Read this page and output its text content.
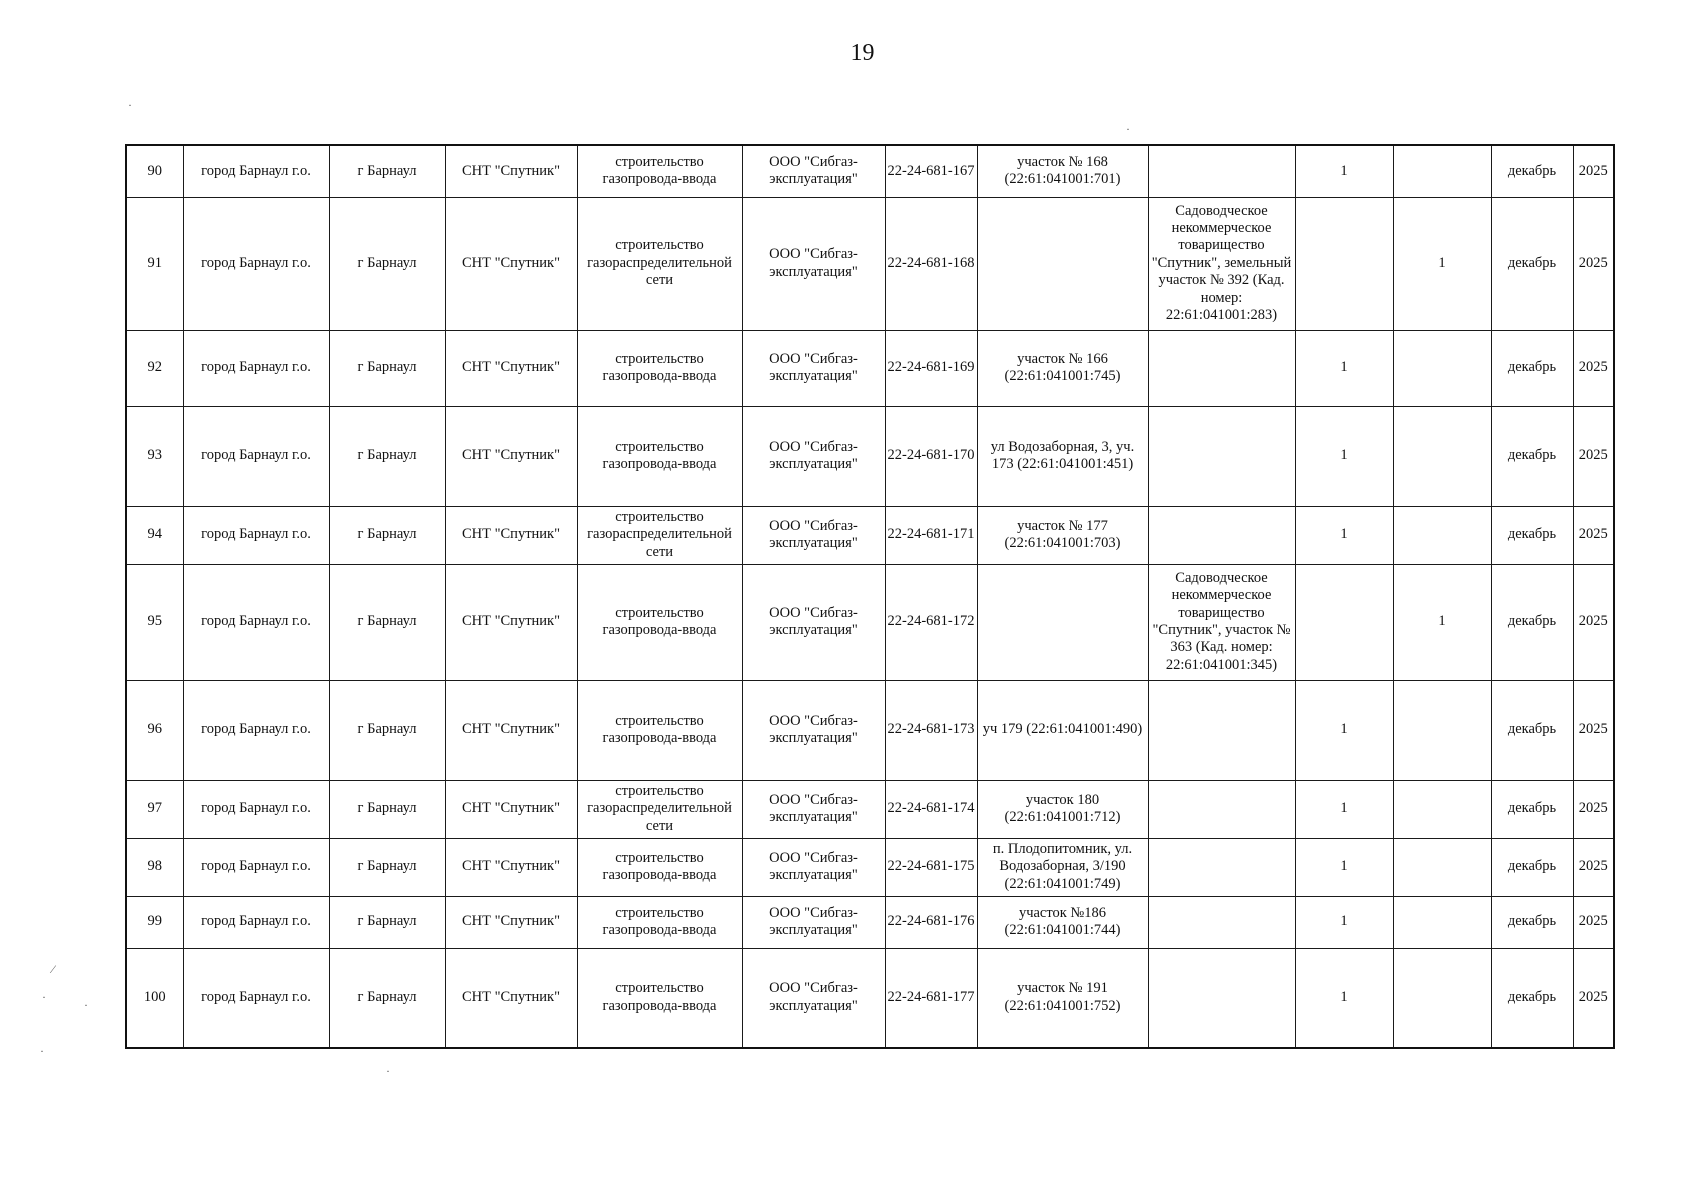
19
90	город Барнаул г.о.	г Барнаул	СНТ "Спутник"	строительство газопровода-ввода	ООО "Сибгаз-эксплуатация"	22-24-681-167	участок № 168 (22:61:041001:701)		1		декабрь	2025
91	город Барнаул г.о.	г Барнаул	СНТ "Спутник"	строительство газораспределительной сети	ООО "Сибгаз-эксплуатация"	22-24-681-168		Садоводческое некоммерческое товарищество "Спутник", земельный участок № 392 (Кад. номер: 22:61:041001:283)		1	декабрь	2025
92	город Барнаул г.о.	г Барнаул	СНТ "Спутник"	строительство газопровода-ввода	ООО "Сибгаз-эксплуатация"	22-24-681-169	участок № 166 (22:61:041001:745)		1		декабрь	2025
93	город Барнаул г.о.	г Барнаул	СНТ "Спутник"	строительство газопровода-ввода	ООО "Сибгаз-эксплуатация"	22-24-681-170	ул Водозаборная, 3, уч. 173 (22:61:041001:451)		1		декабрь	2025
94	город Барнаул г.о.	г Барнаул	СНТ "Спутник"	строительство газораспределительной сети	ООО "Сибгаз-эксплуатация"	22-24-681-171	участок № 177 (22:61:041001:703)		1		декабрь	2025
95	город Барнаул г.о.	г Барнаул	СНТ "Спутник"	строительство газопровода-ввода	ООО "Сибгаз-эксплуатация"	22-24-681-172		Садоводческое некоммерческое товарищество "Спутник", участок № 363 (Кад. номер: 22:61:041001:345)		1	декабрь	2025
96	город Барнаул г.о.	г Барнаул	СНТ "Спутник"	строительство газопровода-ввода	ООО "Сибгаз-эксплуатация"	22-24-681-173	уч 179 (22:61:041001:490)		1		декабрь	2025
97	город Барнаул г.о.	г Барнаул	СНТ "Спутник"	строительство газораспределительной сети	ООО "Сибгаз-эксплуатация"	22-24-681-174	участок 180 (22:61:041001:712)		1		декабрь	2025
98	город Барнаул г.о.	г Барнаул	СНТ "Спутник"	строительство газопровода-ввода	ООО "Сибгаз-эксплуатация"	22-24-681-175	п. Плодопитомник, ул. Водозаборная, 3/190 (22:61:041001:749)		1		декабрь	2025
99	город Барнаул г.о.	г Барнаул	СНТ "Спутник"	строительство газопровода-ввода	ООО "Сибгаз-эксплуатация"	22-24-681-176	участок №186 (22:61:041001:744)		1		декабрь	2025
100	город Барнаул г.о.	г Барнаул	СНТ "Спутник"	строительство газопровода-ввода	ООО "Сибгаз-эксплуатация"	22-24-681-177	участок № 191 (22:61:041001:752)		1		декабрь	2025
·
·
⁄
·
·
·
·
